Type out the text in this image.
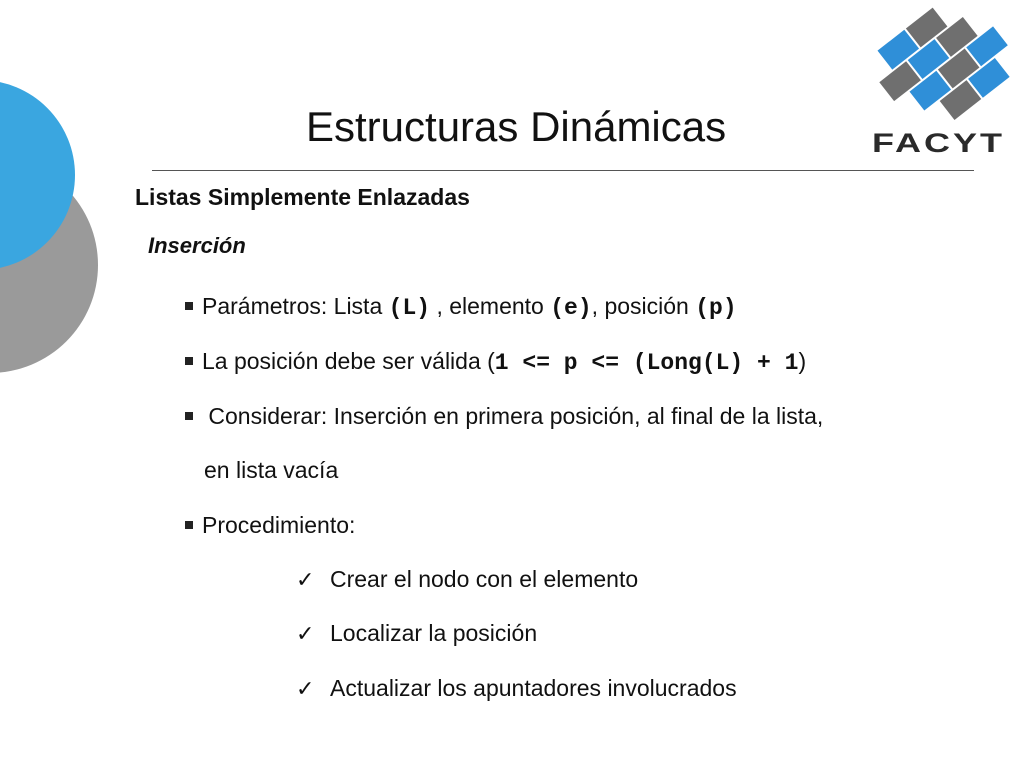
FACYT
Estructuras Dinámicas
Listas Simplemente Enlazadas
Inserción
Parámetros: Lista (L) , elemento (e), posición (p)
La posición debe ser válida (1 <= p <= (Long(L) + 1)
Considerar: Inserción en primera posición, al final de la lista,
en lista vacía
Procedimiento:
✓ Crear el nodo con el elemento
✓ Localizar la posición
✓ Actualizar los apuntadores involucrados
